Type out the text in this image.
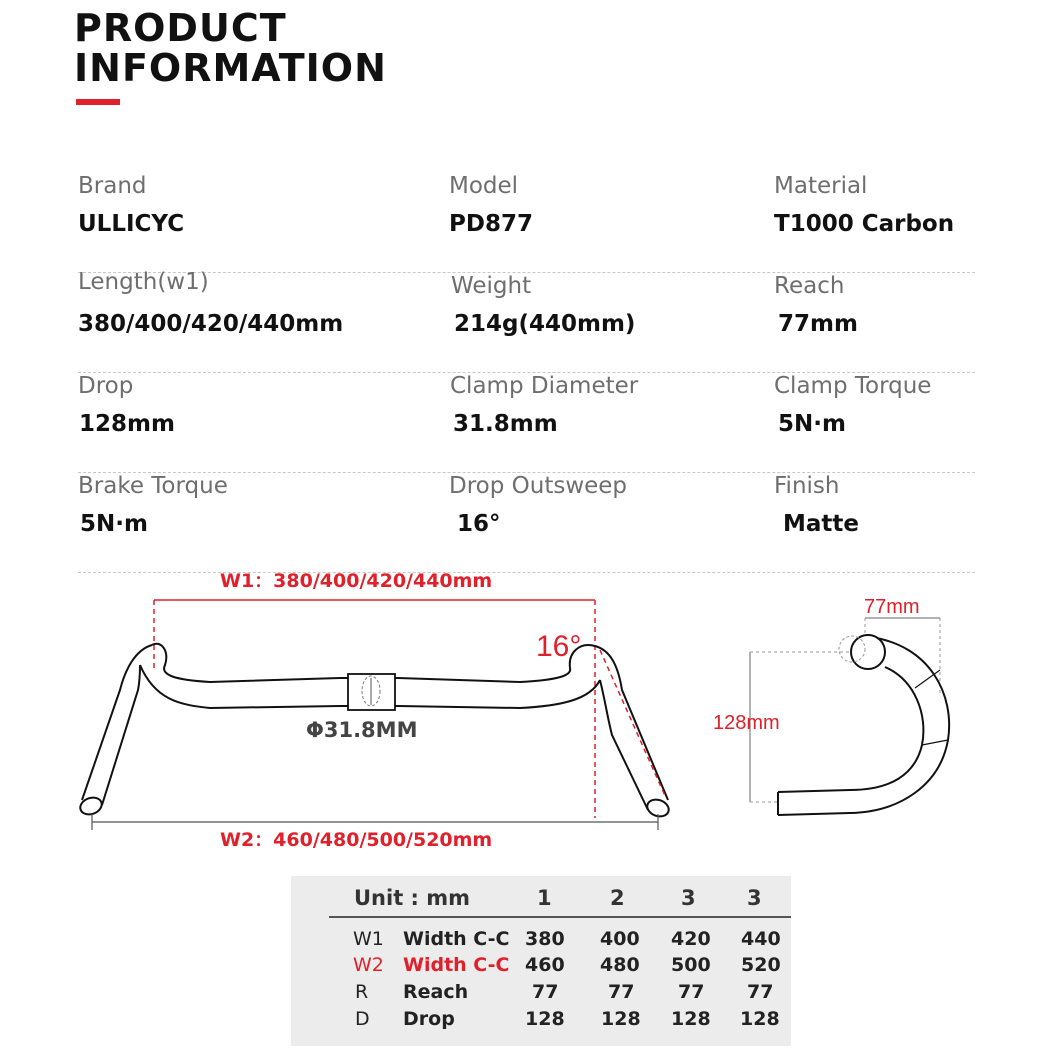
PRODUCT
INFORMATION
Brand
ULLICYC
Model
PD877
Material
T1000 Carbon
Length(w1)
380/400/420/440mm
Weight
214g(440mm)
Reach
77mm
Drop
128mm
Clamp Diameter
31.8mm
Clamp Torque
5N·m
Brake Torque
5N·m
Drop Outsweep
16°
Finish
Matte
W1：380/400/420/440mm
16°
Φ31.8MM
W2：460/480/500/520mm
77mm
128mm
Unit : mm	1	2	3 3
W1 Width C-C 380 400 420 440
W2 Width C-C 460 480 500 520
R Reach	77	77 77 77
D Drop	128 128 128 128
